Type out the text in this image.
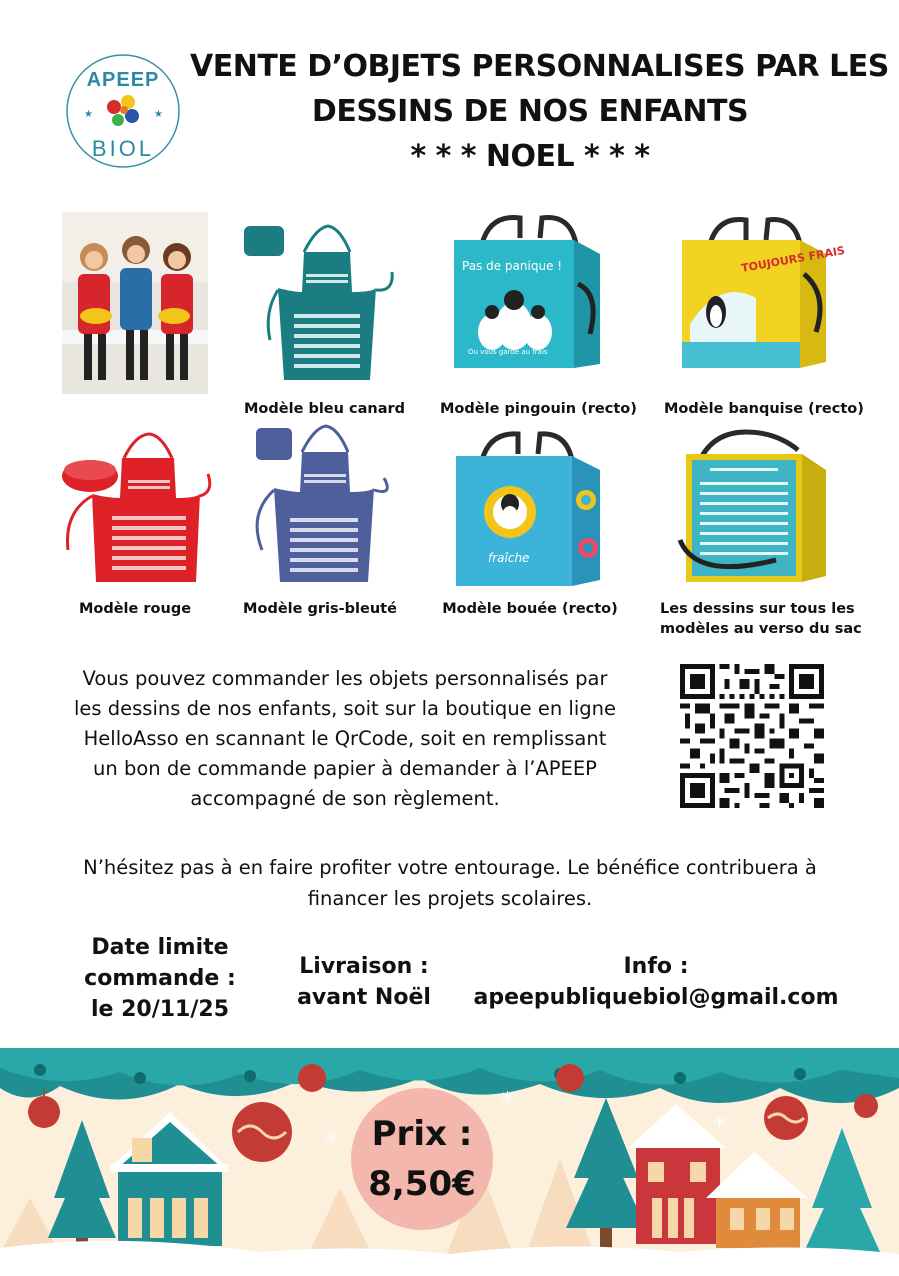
APEEP
BIOL
★	★
VENTE D’OBJETS PERSONNALISES PAR LES
DESSINS DE NOS ENFANTS
* * * NOEL * * *
Pas de panique !
Ou vous garde au frais
TOUJOURS FRAIS
Modèle bleu canard Modèle pingouin (recto) Modèle banquise (recto)
fraîche
Modèle rouge	Modèle gris-bleuté	Modèle bouée (recto)	Les dessins sur tous les
modèles au verso du sac
Vous pouvez commander les objets personnalisés par
les dessins de nos enfants, soit sur la boutique en ligne
HelloAsso en scannant le QrCode, soit en remplissant
un bon de commande papier à demander à l’APEEP
accompagné de son règlement.
N’hésitez pas à en faire profiter votre entourage. Le bénéfice contribuera à
financer les projets scolaires.
Date limite
commande :
le 20/11/25
Livraison :
avant Noël
Info :
apeepubliquebiol@gmail.com
✳
✳
✳
Prix :
8,50€
